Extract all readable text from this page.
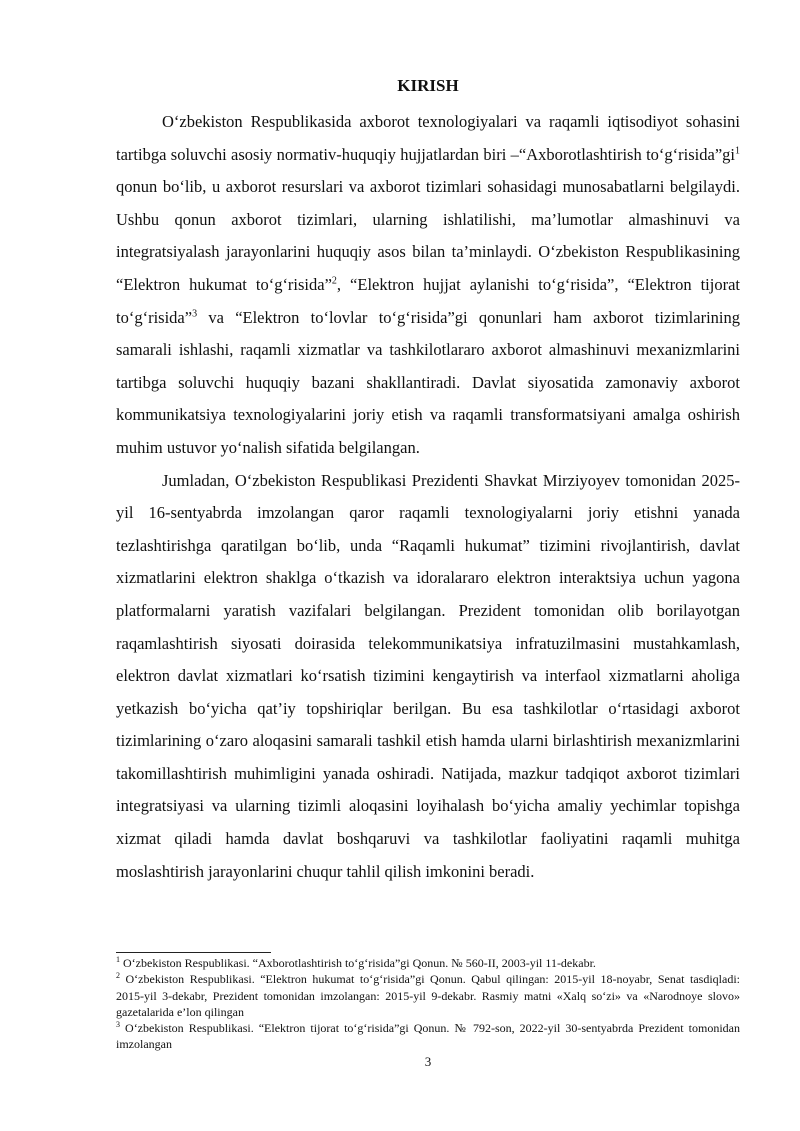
KIRISH

O‘zbekiston Respublikasida axborot texnologiyalari va raqamli iqtisodiyot sohasini tartibga soluvchi asosiy normativ-huquqiy hujjatlardan biri –“Axborotlashtirish $to‘g‘risida”gi^1$ qonun bo‘lib, u axborot resurslari va axborot tizimlari sohasidagi munosabatlarni belgilaydi. Ushbu qonun axborot tizimlari, ularning ishlatilishi, ma’lumotlar almashinuvi va integratsiyalash jarayonlarini huquqiy asos bilan ta’minlaydi. O‘zbekiston Respublikasining “Elektron hukumat to‘g‘risida”$^2$, “Elektron hujjat aylanishi to‘g‘risida”, “Elektron tijorat to‘g‘risida”$^3$ va “Elektron to‘lovlar to‘g‘risida”gi qonunlari ham axborot tizimlarining samarali ishlashi, raqamli xizmatlar va tashkilotlararo axborot almashinuvi mexanizmlarini tartibga soluvchi huquqiy bazani shakllantiradi. Davlat siyosatida zamonaviy axborot kommunikatsiya texnologiyalarini joriy etish va raqamli transformatsiyani amalga oshirish muhim ustuvor yo‘nalish sifatida belgilangan.

Jumladan, O‘zbekiston Respublikasi Prezidenti Shavkat Mirziyoyev tomonidan 2025-yil 16-sentyabrda imzolangan qaror raqamli texnologiyalarni joriy etishni yanada tezlashtirishga qaratilgan bo‘lib, unda “Raqamli hukumat” tizimini rivojlantirish, davlat xizmatlarini elektron shaklga o‘tkazish va idoralararo elektron interaktsiya uchun yagona platformalarni yaratish vazifalari belgilangan. Prezident tomonidan olib borilayotgan raqamlashtirish siyosati doirasida telekommunikatsiya infratuzilmasini mustahkamlash, elektron davlat xizmatlari ko‘rsatish tizimini kengaytirish va interfaol xizmatlarni aholiga yetkazish bo‘yicha qat’iy topshiriqlar berilgan. Bu esa tashkilotlar o‘rtasidagi axborot tizimlarining o‘zaro aloqasini samarali tashkil etish hamda ularni birlashtirish mexanizmlarini takomillashtirish muhimligini yanada oshiradi. Natijada, mazkur tadqiqot axborot tizimlari integratsiyasi va ularning tizimli aloqasini loyihalash bo‘yicha amaliy yechimlar topishga xizmat qiladi hamda davlat boshqaruvi va tashkilotlar faoliyatini raqamli muhitga moslashtirish jarayonlarini chuqur tahlil qilish imkonini beradi.

$^1$ O‘zbekiston Respublikasi. “Axborotlashtirish to‘g‘risida”gi Qonun. № 560-II, 2003-yil 11-dekabr.
$^2$ O‘zbekiston Respublikasi. “Elektron hukumat to‘g‘risida”gi Qonun. Qabul qilingan: 2015-yil 18-noyabr, Senat tasdiqladi: 2015-yil 3-dekabr, Prezident tomonidan imzolangan: 2015-yil 9-dekabr. Rasmiy matni «Xalq so‘zi» va «Narodnoye slovo» gazetalarida e’lon qilingan
$^3$ O‘zbekiston Respublikasi. “Elektron tijorat to‘g‘risida”gi Qonun. № 792-son, 2022-yil 30-sentyabrda Prezident tomonidan imzolangan
3
